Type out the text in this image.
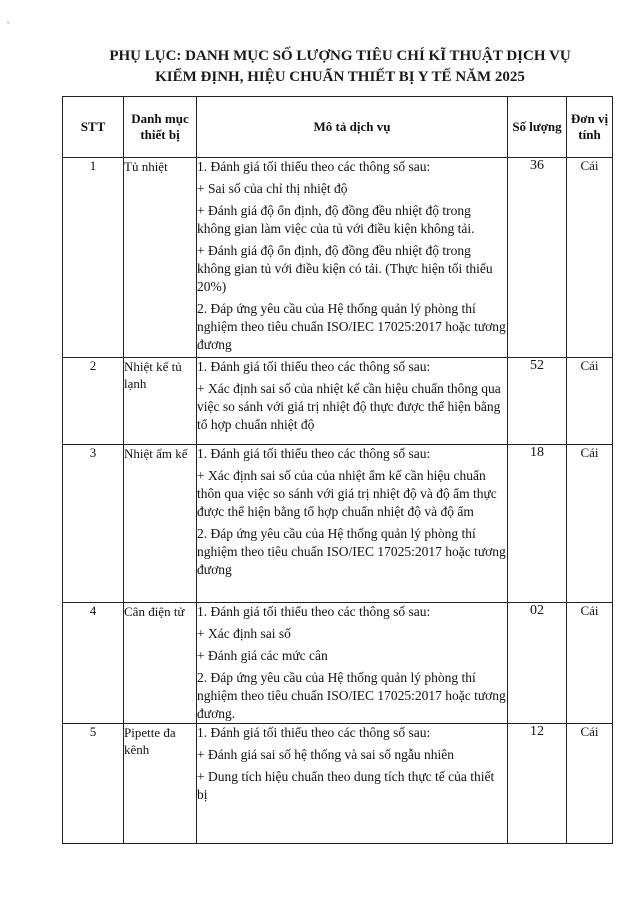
ˇ
PHỤ LỤC: DANH MỤC SỐ LƯỢNG TIÊU CHÍ KĨ THUẬT DỊCH VỤ
KIỂM ĐỊNH, HIỆU CHUẨN THIẾT BỊ Y TẾ NĂM 2025
STT	Danh mục thiết bị	Mô tả dịch vụ	Số lượng	Đơn vị tính
1	Tủ nhiệt	1. Đánh giá tối thiểu theo các thông số sau:
+ Sai số của chỉ thị nhiệt độ
+ Đánh giá độ ổn định, độ đồng đều nhiệt độ trong không gian làm việc của tủ với điều kiện không tải.
+ Đánh giá độ ổn định, độ đồng đều nhiệt độ trong không gian tủ với điều kiện có tải. (Thực hiện tối thiểu 20%)
2. Đáp ứng yêu cầu của Hệ thống quản lý phòng thí nghiệm theo tiêu chuẩn ISO/IEC 17025:2017 hoặc tương đương	36	Cái
2	Nhiệt kế tủ lạnh	1. Đánh giá tối thiểu theo các thông số sau:
+ Xác định sai số của nhiệt kế cần hiệu chuẩn thông qua việc so sánh với giá trị nhiệt độ thực được thể hiện bằng tổ hợp chuẩn nhiệt độ	52	Cái
3	Nhiệt ẩm kế	1. Đánh giá tối thiểu theo các thông số sau:
+ Xác định sai số của của nhiệt ẩm kế cần hiệu chuẩn thôn qua việc so sánh với giá trị nhiệt độ và độ ẩm thực được thể hiện bằng tổ hợp chuẩn nhiệt độ và độ ẩm
2. Đáp ứng yêu cầu của Hệ thống quản lý phòng thí nghiệm theo tiêu chuẩn ISO/IEC 17025:2017 hoặc tương đương	18	Cái
4	Cân điện tử	1. Đánh giá tối thiểu theo các thông số sau:
+ Xác định sai số
+ Đánh giá các mức cân
2. Đáp ứng yêu cầu của Hệ thống quản lý phòng thí nghiệm theo tiêu chuẩn ISO/IEC 17025:2017 hoặc tương đương.	02	Cái
5	Pipette đa kênh	1. Đánh giá tối thiểu theo các thông số sau:
+ Đánh giá sai số hệ thống và sai số ngẫu nhiên
+ Dung tích hiệu chuẩn theo dung tích thực tế của thiết bị	12	Cái
